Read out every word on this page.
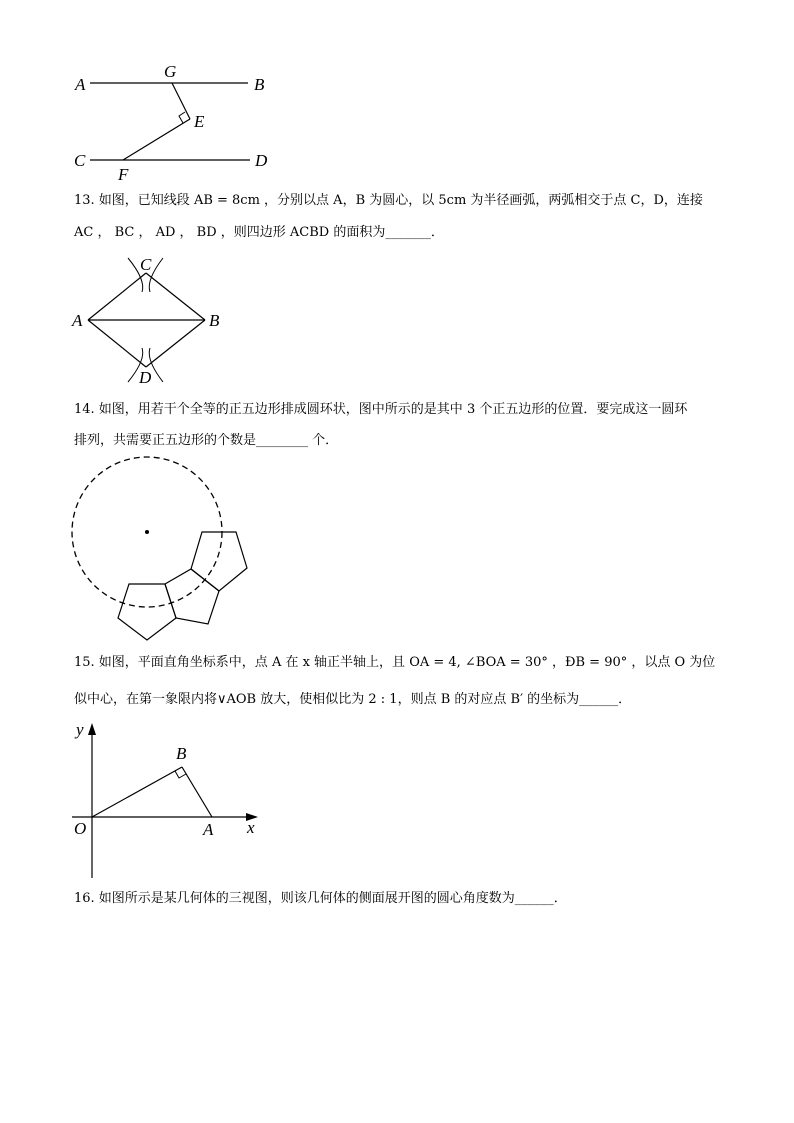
A
G
B
E
C
F
D
13. 如图，已知线段 AB = 8cm ，分别以点 A，B 为圆心，以 5cm 为半径画弧，两弧相交于点 C，D，连接
AC ， BC ， AD ， BD ，则四边形 ACBD 的面积为_______．
C
A	B
D
14. 如图，用若干个全等的正五边形排成圆环状，图中所示的是其中 3 个正五边形的位置．要完成这一圆环
排列，共需要正五边形的个数是________ 个．
15. 如图，平面直角坐标系中，点 A 在 x 轴正半轴上，且 OA = 4, ∠BOA = 30° ，ÐB = 90° ，以点 O 为位
似中心，在第一象限内将∨AOB 放大，使相似比为 2 : 1，则点 B 的对应点 B′ 的坐标为______．
y
B
O	A x
16. 如图所示是某几何体的三视图，则该几何体的侧面展开图的圆心角度数为______．
